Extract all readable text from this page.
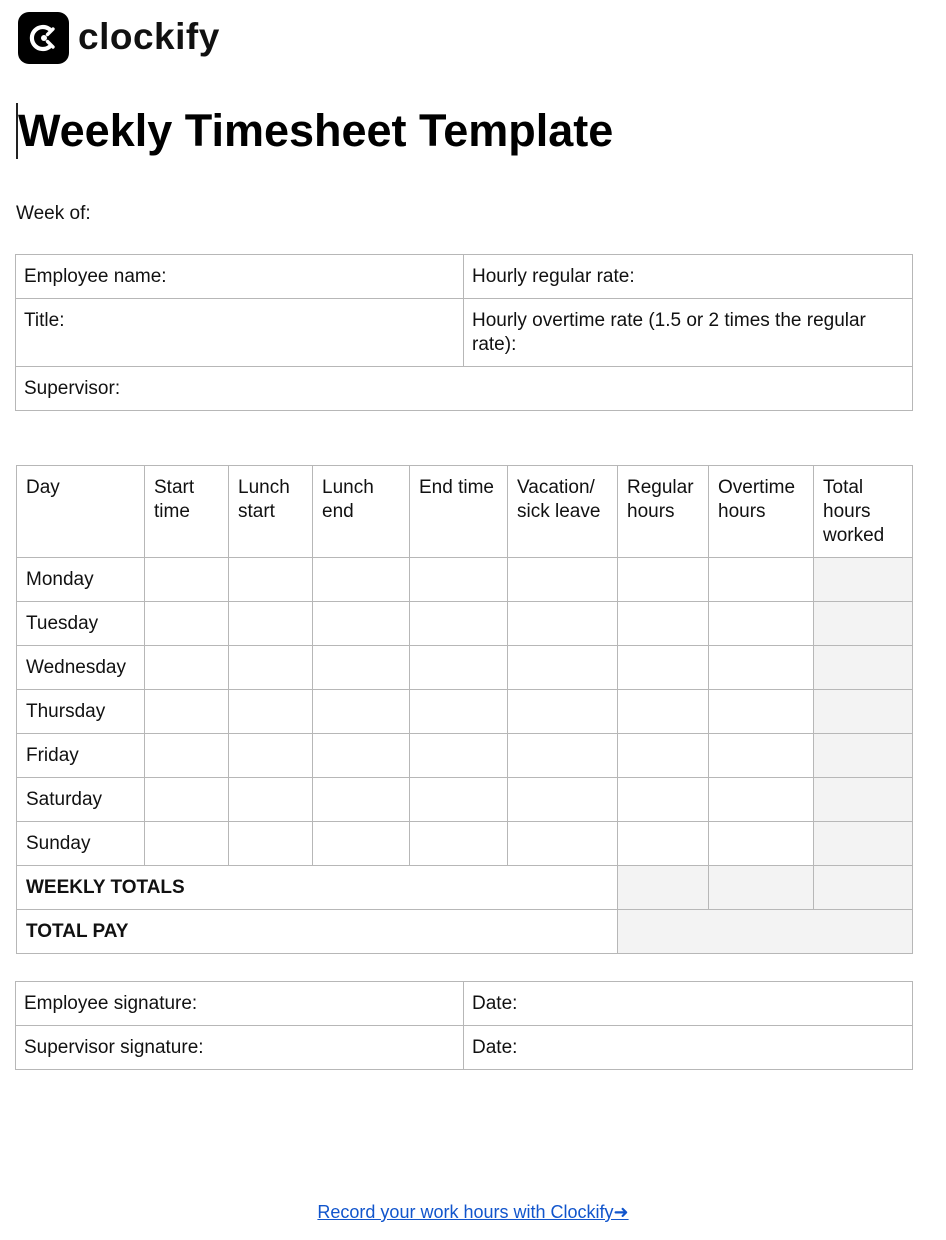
clockify
Weekly Timesheet Template
Week of:
Employee name:	Hourly regular rate:
Title:	Hourly overtime rate (1.5 or 2 times the regular rate):
Supervisor:	
Day	Start time	Lunch start	Lunch end	End time	Vacation/ sick leave	Regular hours	Overtime hours	Total hours worked
Monday								
Tuesday								
Wednesday								
Thursday								
Friday								
Saturday								
Sunday								
WEEKLY TOTALS								
TOTAL PAY								
Employee signature:	Date:
Supervisor signature:	Date:
Record your work hours with Clockify➜
